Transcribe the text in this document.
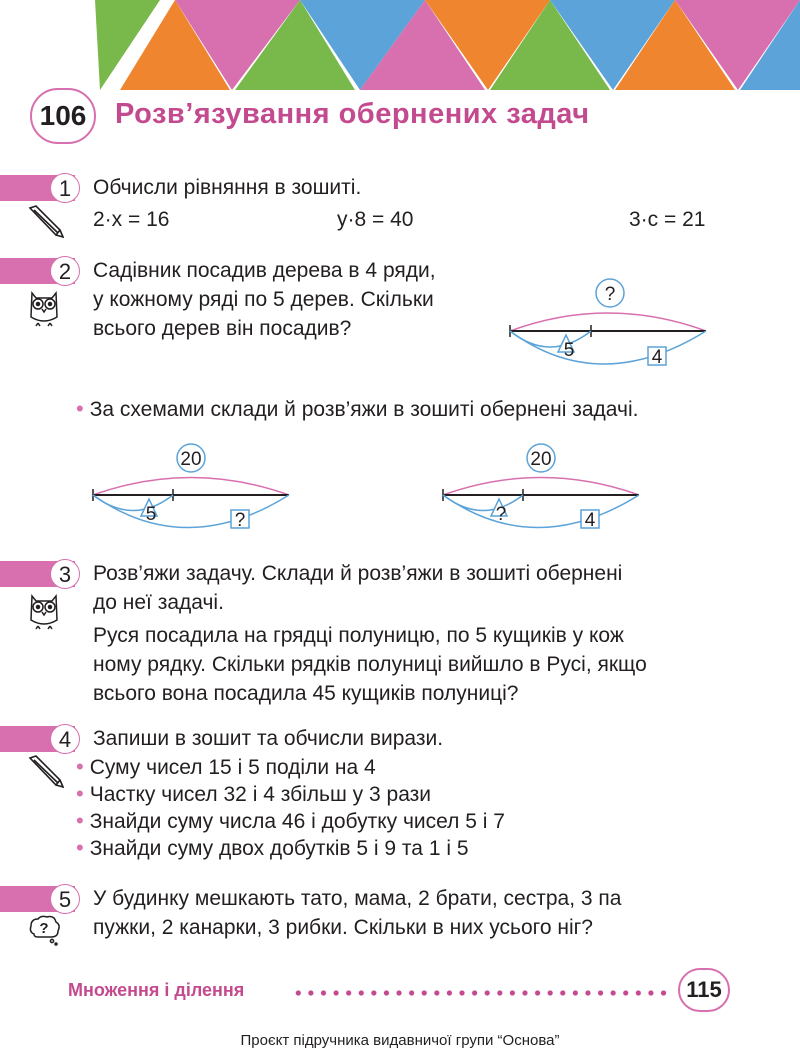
106 Розв’язування обернених задач
1	Обчисли рівняння в зошиті.
2·x = 16	y·8 = 40	3·c = 21
2	Садівник посадив дерева в 4 ряди,
у кожному ряді по 5 дерев. Скільки
всього дерев він посадив?
?
5	4
• За схемами склади й розв’яжи в зошиті обернені задачі.
20
5	?
20
?	4
3	Розв’яжи задачу. Склади й розв’яжи в зошиті обернені
до неї задачі.
Руся посадила на грядці полуницю, по 5 кущиків у кож
ному рядку. Скільки рядків полуниці вийшло в Русі, якщо
всього вона посадила 45 кущиків полуниці?
4	Запиши в зошит та обчисли вирази.
• Суму чисел 15 і 5 поділи на 4
• Частку чисел 32 і 4 збільш у 3 рази
• Знайди суму числа 46 і добутку чисел 5 і 7
• Знайди суму двох добутків 5 і 9 та 1 і 5
5
?
У будинку мешкають тато, мама, 2 брати, сестра, 3 па
пужки, 2 канарки, 3 рибки. Скільки в них усього ніг?
Множення і ділення	115
Проєкт підручника видавничої групи “Основа”
